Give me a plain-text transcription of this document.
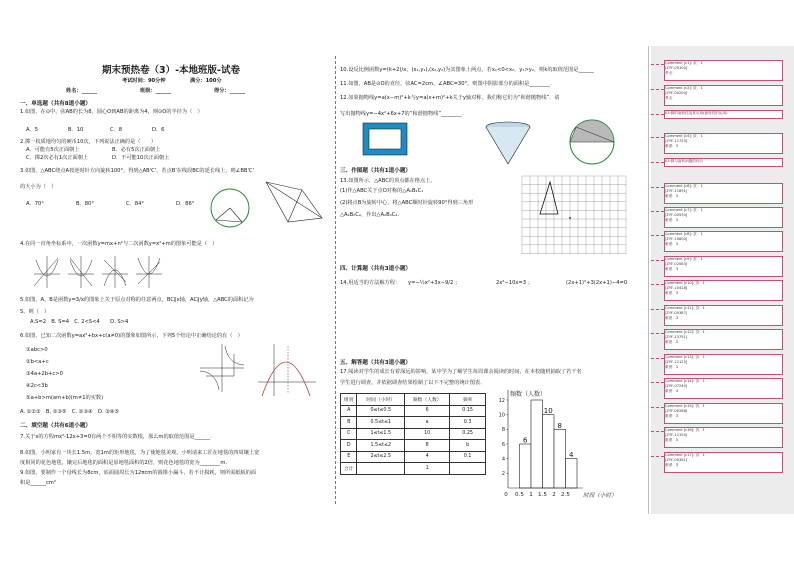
期末预热卷（3）-本地班版-试卷
考试时间：90分钟	满分：100分
姓名：______	班级：______	得分：______
一、单选题（共有8道小题）
1.如图，在⊙中，弦AB的长为8，圆心O到AB的距离为4，则⊙O的半径为（　）
A．5	B．10	C．8	D．6
2.掷一枚质地均匀的硬币10次，下列说法正确的是（　　）
A．可能有5次正面朝上	B．必有5次正面朝上
C．掷2次必有1次正面朝上	D．不可能10次正面朝上
3.如图，△ABC绕点A按逆时针方向旋转100°，得到△AB'C'，若点B'在线段BC的延长线上，则∠BB'C'
的大小为（　）
A．70°	B．80°	C．84°	D．86°
4.在同一直角坐标系中，一次函数y=mx+n²与二次函数y=x²+m的图象可能是（　）
5.如图，A、B是函数y=3/x的图象上关于原点对称的任意两点，BC∥x轴，AC∥y轴，△ABC的面积记为
S，则（　）
A.S=2　B. S=4　C. 2<S<4　　D. S>4
6.如图，已知二次函数y=ax²+bx+c(a≠0)的图象如图所示，下列5个结论中正确结论的有（　）
①abc>0
②b<a+c
③4a+2b+c>0
④2c<3b
⑤a+b>m(am+b)(m≠1的实数)
A. ①②③　B. ②③⑤　C. ②③④　D. ③④⑤
二、填空题（共有6道小题）
7.关于x的方程mx²-12x+3=0有两个不相等的实数根，那么m的取值范围是______.
8.如图，小明家有一块长1.5m，宽1m的矩形地毯，为了使地毯美观，小明请来工匠在地毯的四周镶上宽
度相同的花色地毯，镶完后地毯的面积是原地毯面积的2倍，则花色地毯的宽为________m.
9.如图，要制作一个母线长为8cm，底面圆周长为12πcm的圆锥小漏斗，若不计损耗，则所需纸板的面
积是______cm²
10.设反比例函数y=(k+2)/x，(x₁,y₁),(x₂,y₂)为其图象上两点，若x₁<0<x₂，y₁>y₂，则k的取值范围是______
11.如图，AB是⊙O的直径，弦AC=2cm，∠ABC=30°，则图中阴影部分的面积是________.
12.如果抛物线y=a(x−m)²+k与y=a(x+m)²+k关于y轴对称，我们称它们为“和谐抛物线”．请
写出抛物线y=−4x²+6x+7的“和谐抛物线”________.
三、作图题（共有1道小题）
13.如图所示，△ABC的顶点都在格点上，
(1)作△ABC关于点O对称的△A₁B₁C₁
(2)将点B为旋转中心，将△ABC顺时针旋转90°得到三角形
△A₂B₂C₂，作出△A₂B₂C₂.
四、计算题（共有3道小题）
14.用适当的方法解方程： y=−½x²+3x−9/2 ；	2x²−10x=3 ；	(2x+1)²+3(2x+1)−4=0
五、解答题（共有3道小题）
17.阅读对学生的成长有着深远的影响，某中学为了解学生每周课余阅读的时间，在本校随机抽取了若干名
学生进行调查，并依据调查结果绘制了以下不完整的统计图表．
组别	时间（小时）	频数（人数）	频率
A	0≤t≤0.5	6	0.15
B	0.5≤t≤1	a	0.3
C	1≤t≤1.5	10	0.25
D	1.5≤t≤2	8	b
E	2≤t≤2.5	4	0.1
合计		1	
2
4
6
8
10
12
6
10
8
4
0 0.5 1 1.5 2 2.5
频数（人数）
时间（小时）
Comment [c1]: 页：1
[ZYF-00100]
考点：
Comment [c2]: 页：1
[ZYF-00200]
考点：
03:圆的旋转性及其应用(旋转性的运用)
Comment [c4]: 页：1
[ZYF-11753]
难度：3
03:圆与旋转问题的综合
Comment [c6]: 页：1
[ZYF-11891]
难度：3
Comment [c7]: 页：1
[ZYF-00550]
难度：3
Comment [c8]: 页：1
[ZYF-10600]
难度：3
Comment [c9]: 页：1
[ZYF-02083]
难度：3
Comment [c10]: 页：1
[ZYF-10418]
难度：3
Comment [c11]: 页：1
[ZYF-00387]
难度：3
Comment [c12]: 页：1
[ZYF-13751]
难度：3
Comment [c13]: 页：1
[ZYF-12125]
难度：3
Comment [c14]: 页：1
[ZYF-07240]
难度：3
Comment [c15]: 页：1
[ZYF-00288]
难度：3
Comment [c16]: 页：1
[ZYF-12150]
难度：3
Comment [c17]: 页：1
[ZYF-00381]
难度：3
